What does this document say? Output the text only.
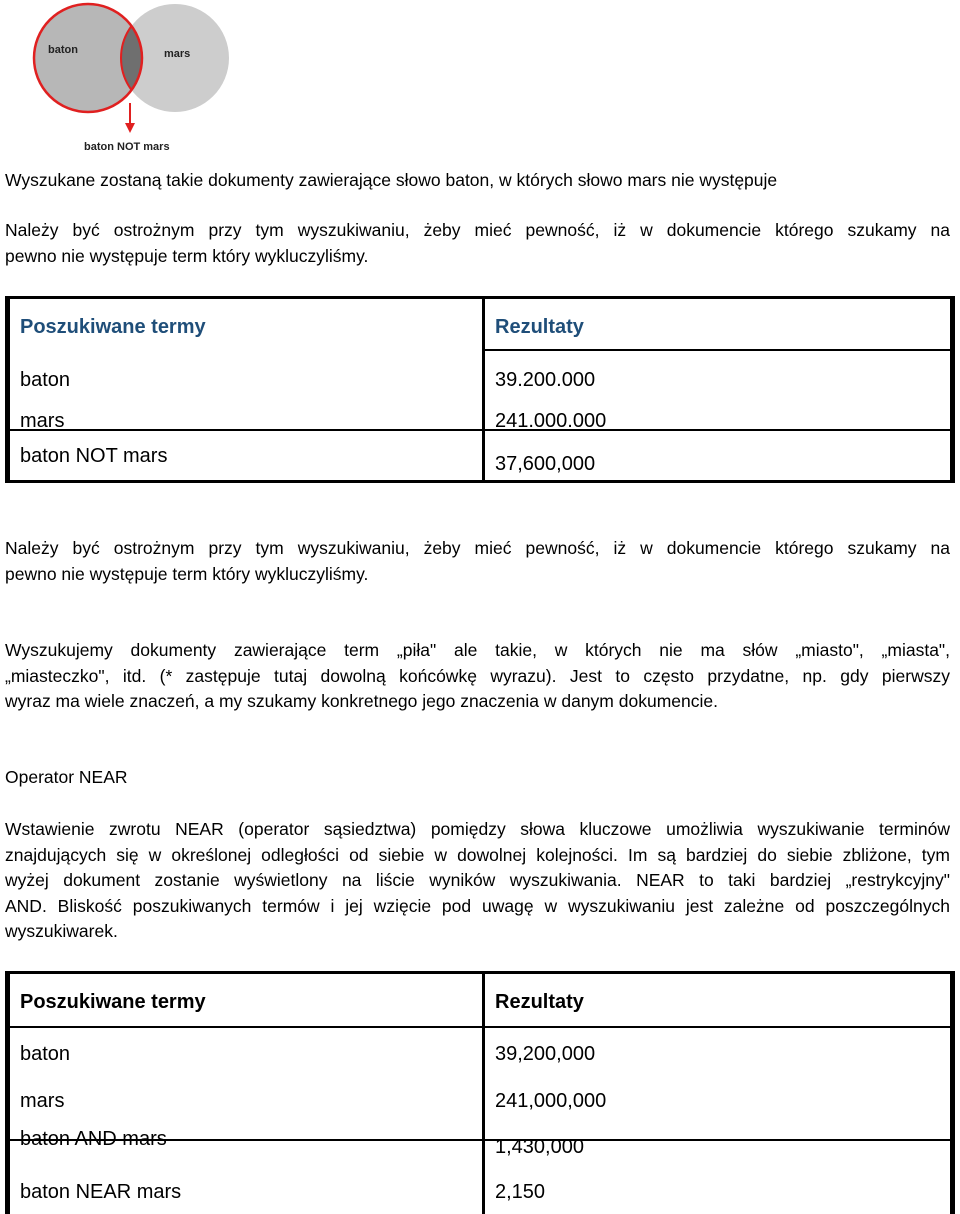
baton	mars
baton NOT mars

Wyszukane zostaną takie dokumenty zawierające słowo baton, w których słowo mars nie występuje

Należy być ostrożnym przy tym wyszukiwaniu, żeby mieć pewność, iż w dokumencie którego szukamy na
pewno nie występuje term który wykluczyliśmy.

Poszukiwane termy	Rezultaty
baton	39.200.000
mars	241.000.000
baton NOT mars	37,600,000

Należy być ostrożnym przy tym wyszukiwaniu, żeby mieć pewność, iż w dokumencie którego szukamy na
pewno nie występuje term który wykluczyliśmy.

Wyszukujemy dokumenty zawierające term „piła" ale takie, w których nie ma słów „miasto", „miasta",
„miasteczko", itd. (* zastępuje tutaj dowolną końcówkę wyrazu). Jest to często przydatne, np. gdy pierwszy
wyraz ma wiele znaczeń, a my szukamy konkretnego jego znaczenia w danym dokumencie.

Operator NEAR

Wstawienie zwrotu NEAR (operator sąsiedztwa) pomiędzy słowa kluczowe umożliwia wyszukiwanie terminów
znajdujących się w określonej odległości od siebie w dowolnej kolejności. Im są bardziej do siebie zbliżone, tym
wyżej dokument zostanie wyświetlony na liście wyników wyszukiwania. NEAR to taki bardziej „restrykcyjny"
AND. Bliskość poszukiwanych termów i jej wzięcie pod uwagę w wyszukiwaniu jest zależne od poszczególnych
wyszukiwarek.

Poszukiwane termy	Rezultaty
baton	39,200,000
mars	241,000,000
baton AND mars	1,430,000
baton NEAR mars	2,150
